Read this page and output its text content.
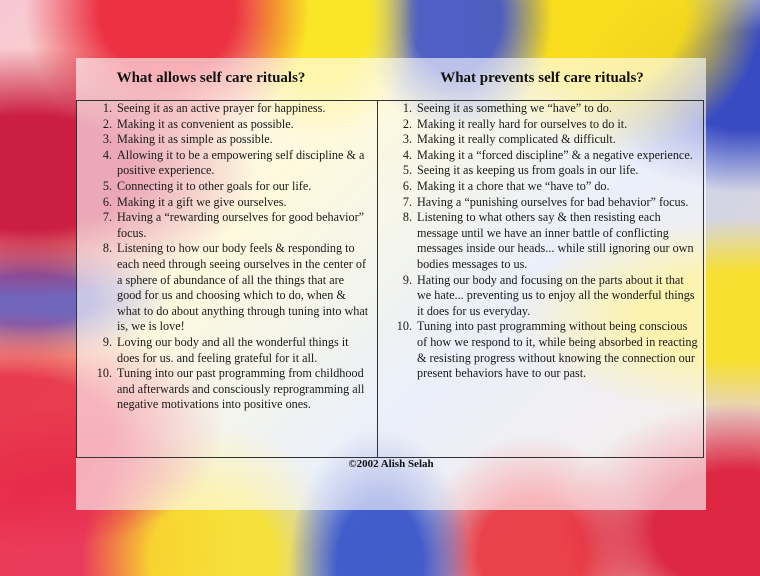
What allows self care rituals?	What prevents self care rituals?
1. Seeing it as an active prayer for happiness.
2. Making it as convenient as possible.
3. Making it as simple as possible.
4. Allowing it to be a empowering self discipline & a positive experience.
5. Connecting it to other goals for our life.
6. Making it a gift we give ourselves.
7. Having a “rewarding ourselves for good behavior” focus.
8. Listening to how our body feels & responding to each need through seeing ourselves in the center of a sphere of abundance of all the things that are good for us and choosing which to do, when & what to do about anything through tuning into what is, we is love!
9. Loving our body and all the wonderful things it does for us. and feeling grateful for it all.
10. Tuning into our past programming from childhood and afterwards and consciously reprogramming all negative motivations into positive ones.
1. Seeing it as something we “have” to do.
2. Making it really hard for ourselves to do it.
3. Making it really complicated & difficult.
4. Making it a “forced discipline” & a negative experience.
5. Seeing it as keeping us from goals in our life.
6. Making it a chore that we “have to” do.
7. Having a “punishing ourselves for bad behavior” focus.
8. Listening to what others say & then resisting each message until we have an inner battle of conflicting messages inside our heads... while still ignoring our own bodies messages to us.
9. Hating our body and focusing on the parts about it that we hate... preventing us to enjoy all the wonderful things it does for us everyday.
10. Tuning into past programming without being conscious of how we respond to it, while being absorbed in reacting & resisting progress without knowing the connection our present behaviors have to our past.
©2002 Alish Selah
